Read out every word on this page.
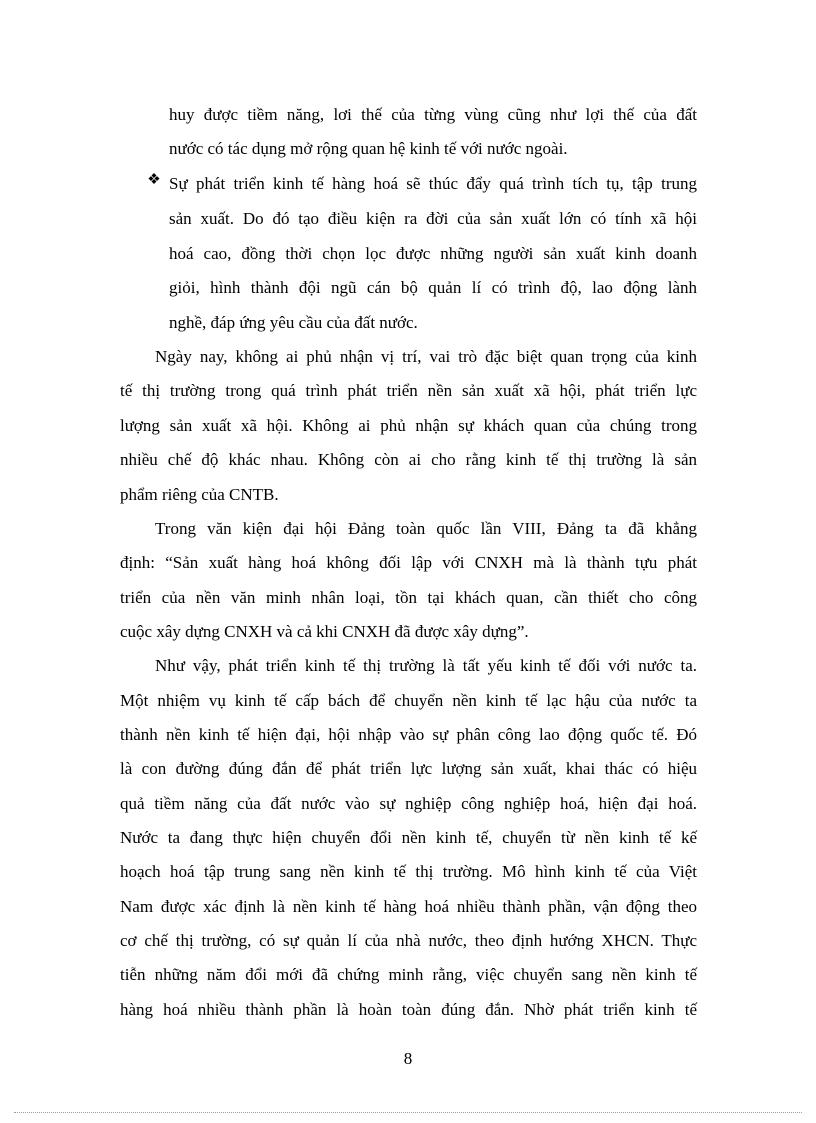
huy được tiềm năng, lơi thế của từng vùng cũng như lợi thế của đất
nước có tác dụng mở rộng quan hệ kinh tế với nước ngoài.
❖ Sự phát triển kinh tế hàng hoá sẽ thúc đẩy quá trình tích tụ, tập trung
sản xuất. Do đó tạo điều kiện ra đời của sản xuất lớn có tính xã hội
hoá cao, đồng thời chọn lọc được những người sản xuất kinh doanh
giỏi, hình thành đội ngũ cán bộ quản lí có trình độ, lao động lành
nghề, đáp ứng yêu cầu của đất nước.
Ngày nay, không ai phủ nhận vị trí, vai trò đặc biệt quan trọng của kinh
tế thị trường trong quá trình phát triển nền sản xuất xã hội, phát triển lực
lượng sản xuất xã hội. Không ai phủ nhận sự khách quan của chúng trong
nhiều chế độ khác nhau. Không còn ai cho rằng kinh tế thị trường là sản
phẩm riêng của CNTB.
Trong văn kiện đại hội Đảng toàn quốc lần VIII, Đảng ta đã khẳng
định: “Sản xuất hàng hoá không đối lập với CNXH mà là thành tựu phát
triển của nền văn minh nhân loại, tồn tại khách quan, cần thiết cho công
cuộc xây dựng CNXH và cả khi CNXH đã được xây dựng”.
Như vậy, phát triển kinh tế thị trường là tất yếu kinh tế đối với nước ta.
Một nhiệm vụ kinh tế cấp bách để chuyển nền kinh tế lạc hậu của nước ta
thành nền kinh tế hiện đại, hội nhập vào sự phân công lao động quốc tế. Đó
là con đường đúng đắn để phát triển lực lượng sản xuất, khai thác có hiệu
quả tiềm năng của đất nước vào sự nghiệp công nghiệp hoá, hiện đại hoá.
Nước ta đang thực hiện chuyển đổi nền kinh tế, chuyển từ nền kinh tế kế
hoạch hoá tập trung sang nền kinh tế thị trường. Mô hình kinh tế của Việt
Nam được xác định là nền kinh tế hàng hoá nhiều thành phần, vận động theo
cơ chế thị trường, có sự quản lí của nhà nước, theo định hướng XHCN. Thực
tiễn những năm đổi mới đã chứng minh rằng, việc chuyển sang nền kinh tế
hàng hoá nhiều thành phần là hoàn toàn đúng đắn. Nhờ phát triển kinh tế
8
